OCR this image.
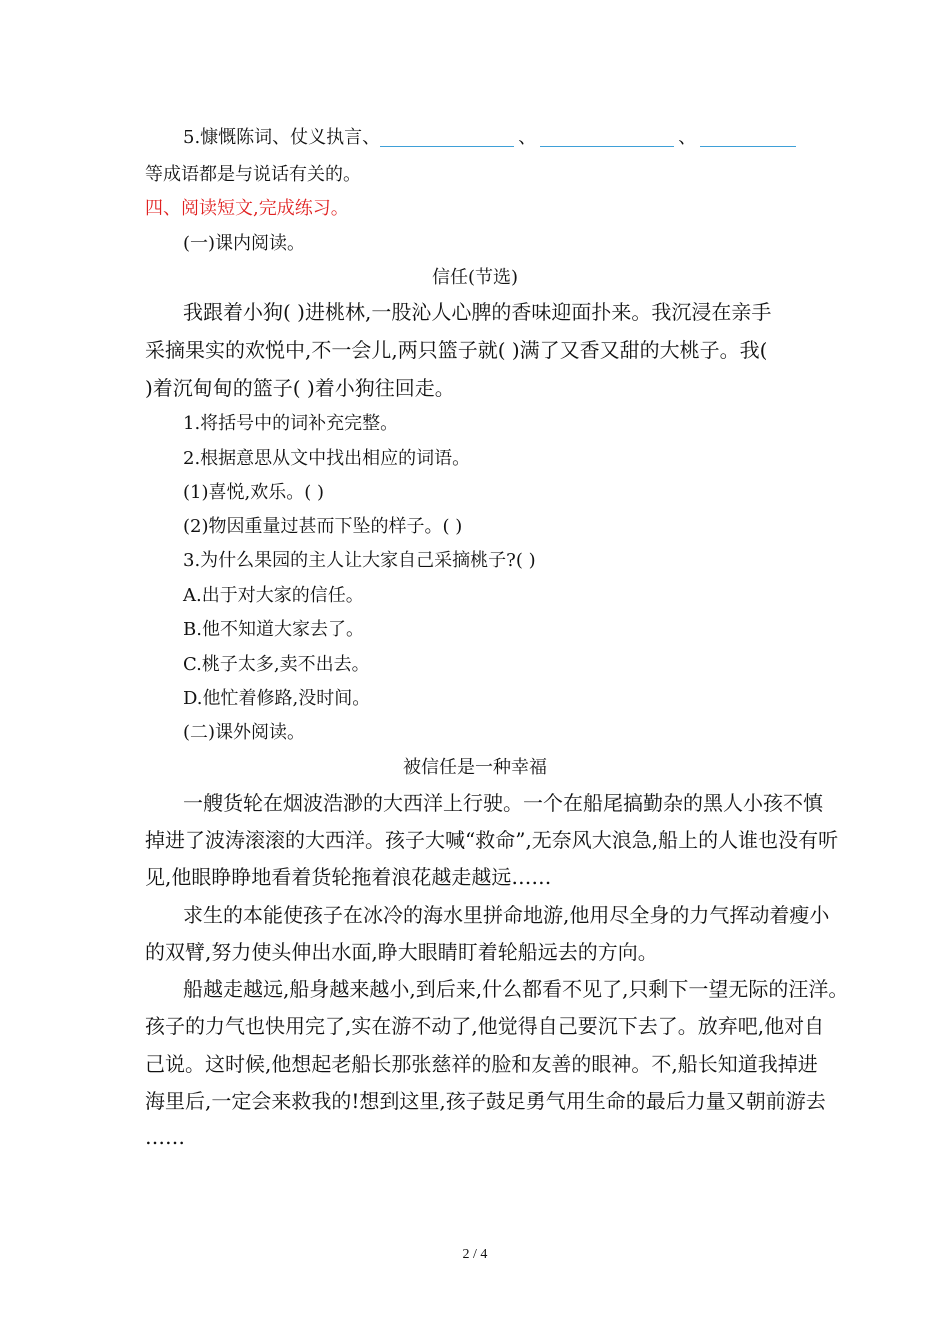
5.慷慨陈词、仗义执言、	、	、
等成语都是与说话有关的。
四、阅读短文,完成练习。
(一)课内阅读。
信任(节选)
我跟着小狗( )进桃林,一股沁人心脾的香味迎面扑来。我沉浸在亲手
采摘果实的欢悦中,不一会儿,两只篮子就( )满了又香又甜的大桃子。我(
)着沉甸甸的篮子( )着小狗往回走。
1.将括号中的词补充完整。
2.根据意思从文中找出相应的词语。
(1)喜悦,欢乐。( )
(2)物因重量过甚而下坠的样子。( )
3.为什么果园的主人让大家自己采摘桃子?( )
A.出于对大家的信任。
B.他不知道大家去了。
C.桃子太多,卖不出去。
D.他忙着修路,没时间。
(二)课外阅读。
被信任是一种幸福
一艘货轮在烟波浩渺的大西洋上行驶。一个在船尾搞勤杂的黑人小孩不慎
掉进了波涛滚滚的大西洋。孩子大喊“救命”,无奈风大浪急,船上的人谁也没有听
见,他眼睁睁地看着货轮拖着浪花越走越远……
求生的本能使孩子在冰冷的海水里拼命地游,他用尽全身的力气挥动着瘦小
的双臂,努力使头伸出水面,睁大眼睛盯着轮船远去的方向。
船越走越远,船身越来越小,到后来,什么都看不见了,只剩下一望无际的汪洋。
孩子的力气也快用完了,实在游不动了,他觉得自己要沉下去了。放弃吧,他对自
己说。这时候,他想起老船长那张慈祥的脸和友善的眼神。不,船长知道我掉进
海里后,一定会来救我的!想到这里,孩子鼓足勇气用生命的最后力量又朝前游去
……
2 / 4
